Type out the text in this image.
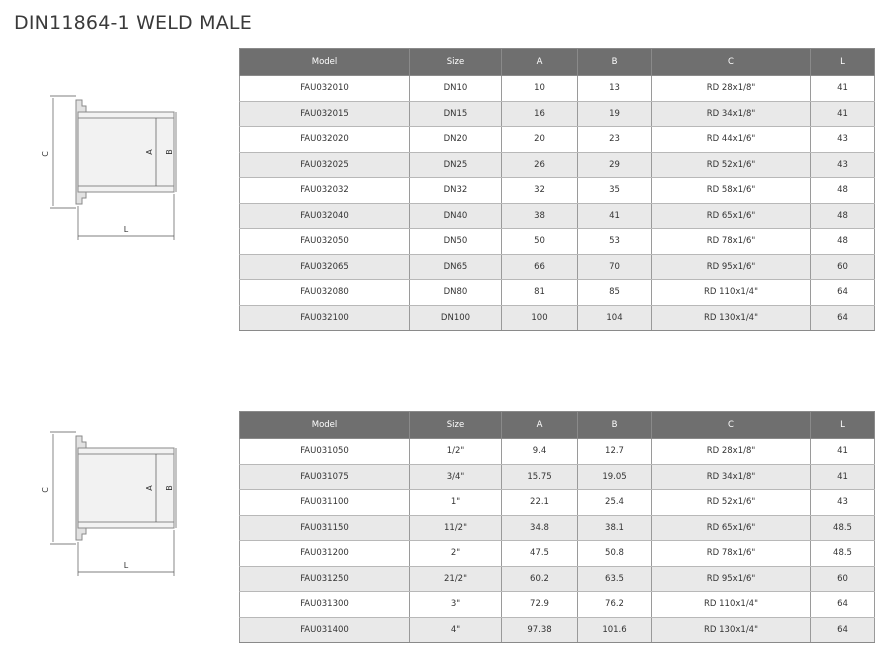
DIN11864-1 WELD MALE
C	A B
L
C	A B
L
Model	Size	A	B	C	L
FAU032010	DN10	10	13	RD 28x1/8"	41
FAU032015	DN15	16	19	RD 34x1/8"	41
FAU032020	DN20	20	23	RD 44x1/6"	43
FAU032025	DN25	26	29	RD 52x1/6"	43
FAU032032	DN32	32	35	RD 58x1/6"	48
FAU032040	DN40	38	41	RD 65x1/6"	48
FAU032050	DN50	50	53	RD 78x1/6"	48
FAU032065	DN65	66	70	RD 95x1/6"	60
FAU032080	DN80	81	85	RD 110x1/4"	64
FAU032100	DN100	100	104	RD 130x1/4"	64
Model	Size	A	B	C	L
FAU031050	1/2"	9.4	12.7	RD 28x1/8"	41
FAU031075	3/4"	15.75	19.05	RD 34x1/8"	41
FAU031100	1"	22.1	25.4	RD 52x1/6"	43
FAU031150	11/2"	34.8	38.1	RD 65x1/6"	48.5
FAU031200	2"	47.5	50.8	RD 78x1/6"	48.5
FAU031250	21/2"	60.2	63.5	RD 95x1/6"	60
FAU031300	3"	72.9	76.2	RD 110x1/4"	64
FAU031400	4"	97.38	101.6	RD 130x1/4"	64
